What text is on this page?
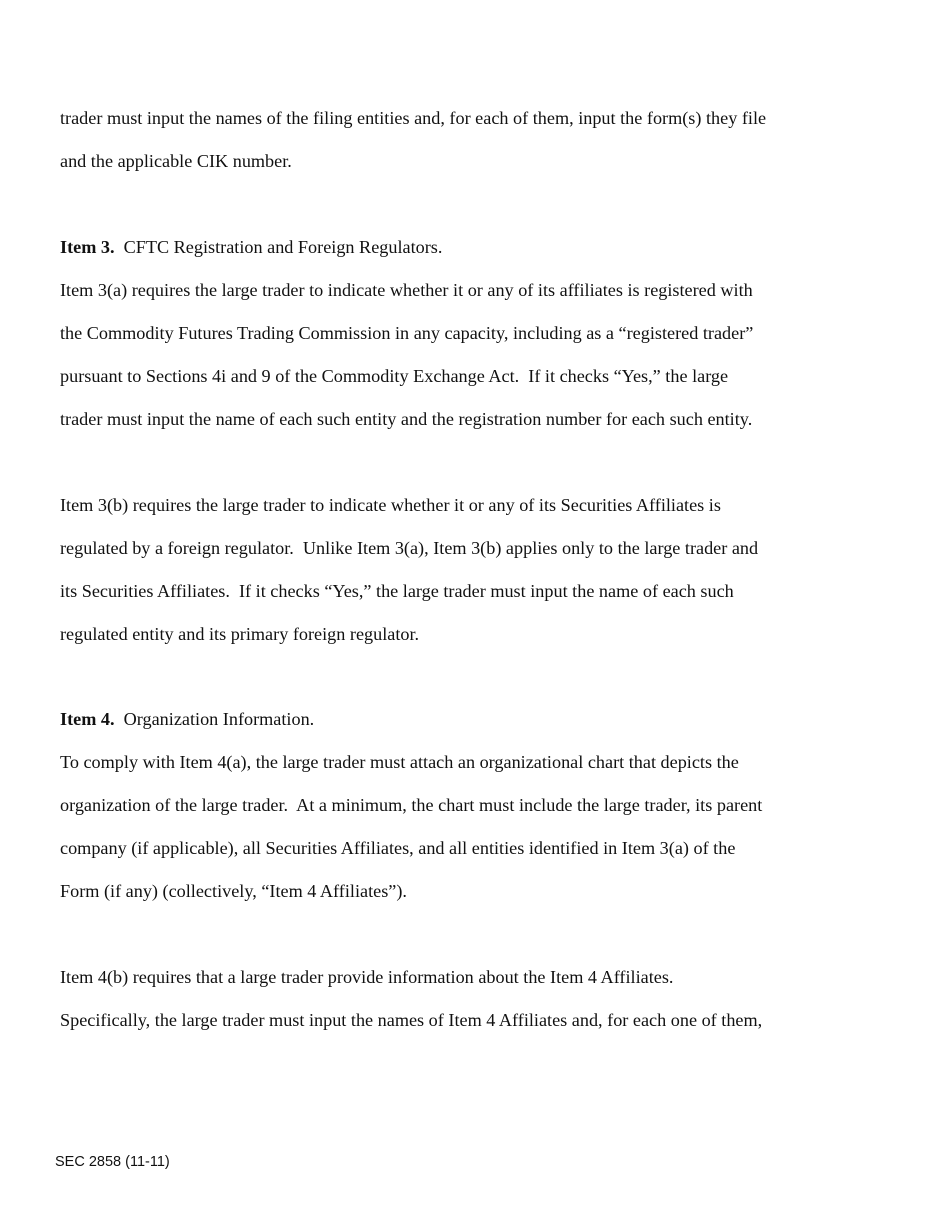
trader must input the names of the filing entities and, for each of them, input the form(s) they file

and the applicable CIK number.

Item 3. CFTC Registration and Foreign Regulators.

Item 3(a) requires the large trader to indicate whether it or any of its affiliates is registered with

the Commodity Futures Trading Commission in any capacity, including as a “registered trader”

pursuant to Sections 4i and 9 of the Commodity Exchange Act.  If it checks “Yes,” the large

trader must input the name of each such entity and the registration number for each such entity.

Item 3(b) requires the large trader to indicate whether it or any of its Securities Affiliates is

regulated by a foreign regulator.  Unlike Item 3(a), Item 3(b) applies only to the large trader and

its Securities Affiliates.  If it checks “Yes,” the large trader must input the name of each such

regulated entity and its primary foreign regulator.

Item 4. Organization Information.

To comply with Item 4(a), the large trader must attach an organizational chart that depicts the

organization of the large trader.  At a minimum, the chart must include the large trader, its parent

company (if applicable), all Securities Affiliates, and all entities identified in Item 3(a) of the

Form (if any) (collectively, “Item 4 Affiliates”).

Item 4(b) requires that a large trader provide information about the Item 4 Affiliates.

Specifically, the large trader must input the names of Item 4 Affiliates and, for each one of them,

SEC 2858 (11-11)
